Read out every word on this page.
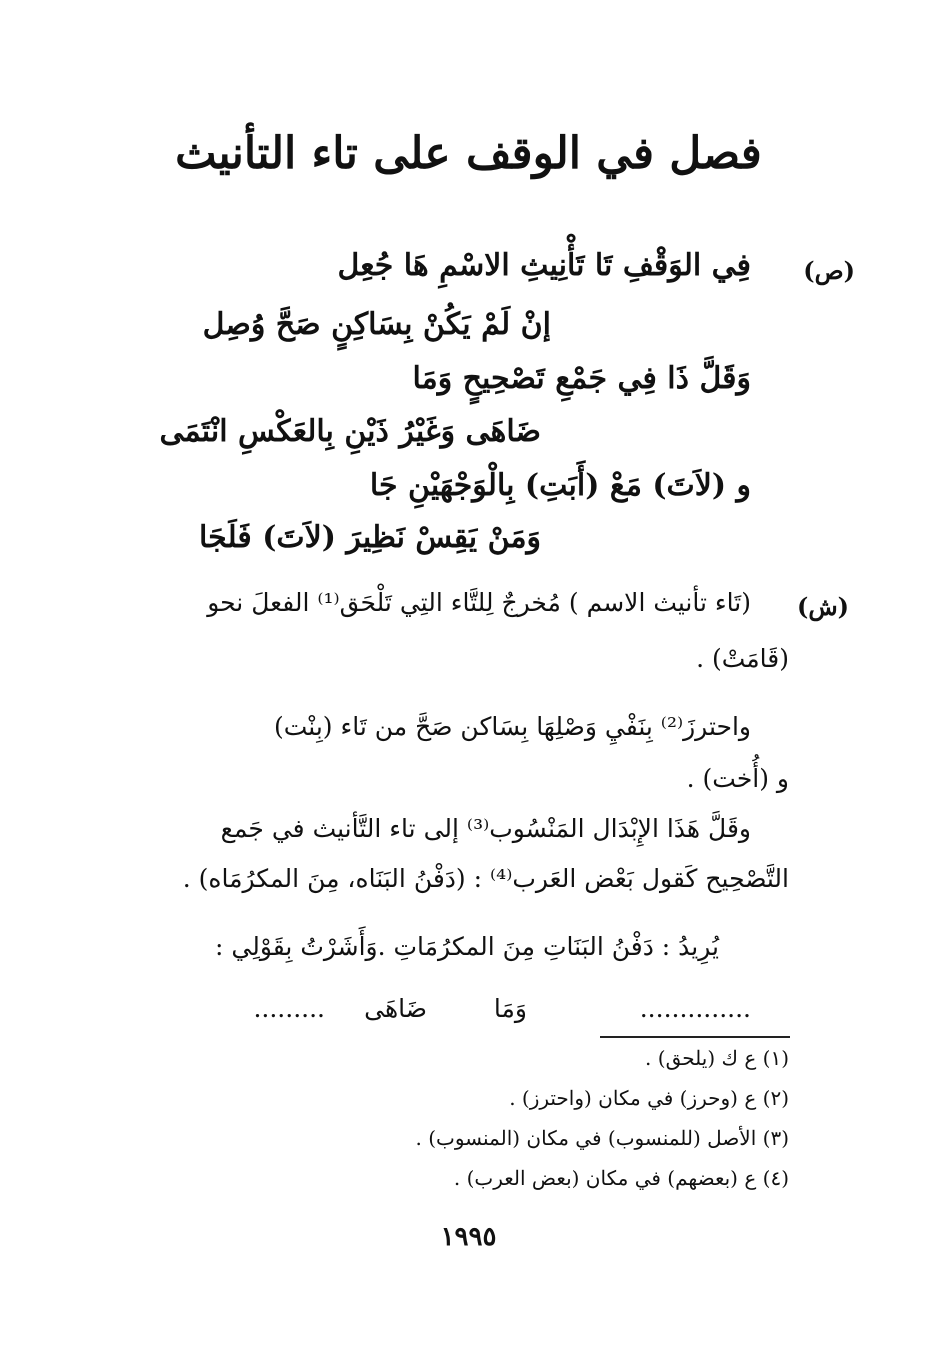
فصل في الوقف على تاء التأنيث
(ص)
فِي الوَقْفِ تَا تَأْنِيثِ الاسْمِ هَا جُعِل
إنْ لَمْ يَكُنْ بِسَاكِنٍ صَحَّ وُصِل
وَقَلَّ ذَا فِي جَمْعِ تَصْحِيحٍ وَمَا
ضَاهَى وَغَيْرُ ذَيْنِ بِالعَكْسِ انْتَمَى
و (لاَتَ) مَعْ (أَبَتِ) بِالْوَجْهَيْنِ جَا
وَمَنْ يَقِسْ نَظِيرَ (لاَتَ) فَلَجَا
(ش)
(تَاء تأنيث الاسم ) مُخرجٌ لِلتَّاء التِي تَلْحَق⁽¹⁾ الفعلَ نحو
(قَامَتْ) .
واحترزَ⁽²⁾ بِنَفْيِ وَصْلِهَا بِسَاكن صَحَّ من تَاء (بِنْت)
و (أُخت) .
وقَلَّ هَذَا الإِبْدَال المَنْسُوب⁽³⁾ إلى تاء التَّأنيث في جَمع
التَّصْحِيح كَقول بَعْض العَرب⁽⁴⁾ : (دَفْنُ البَنَاه، مِنَ المكرُمَاه) .
يُرِيدُ : دَفْنُ البَنَاتِ مِنَ المكرُمَاتِ .وَأَشَرْتُ بِقَوْلِي :
..............
وَمَا
ضَاهَى
.........
(١) ع ك (يلحق) .
(٢) ع (وحرز) في مكان (واحترز) .
(٣) الأصل (للمنسوب) في مكان (المنسوب) .
(٤) ع (بعضهم) في مكان (بعض العرب) .
١٩٩٥
